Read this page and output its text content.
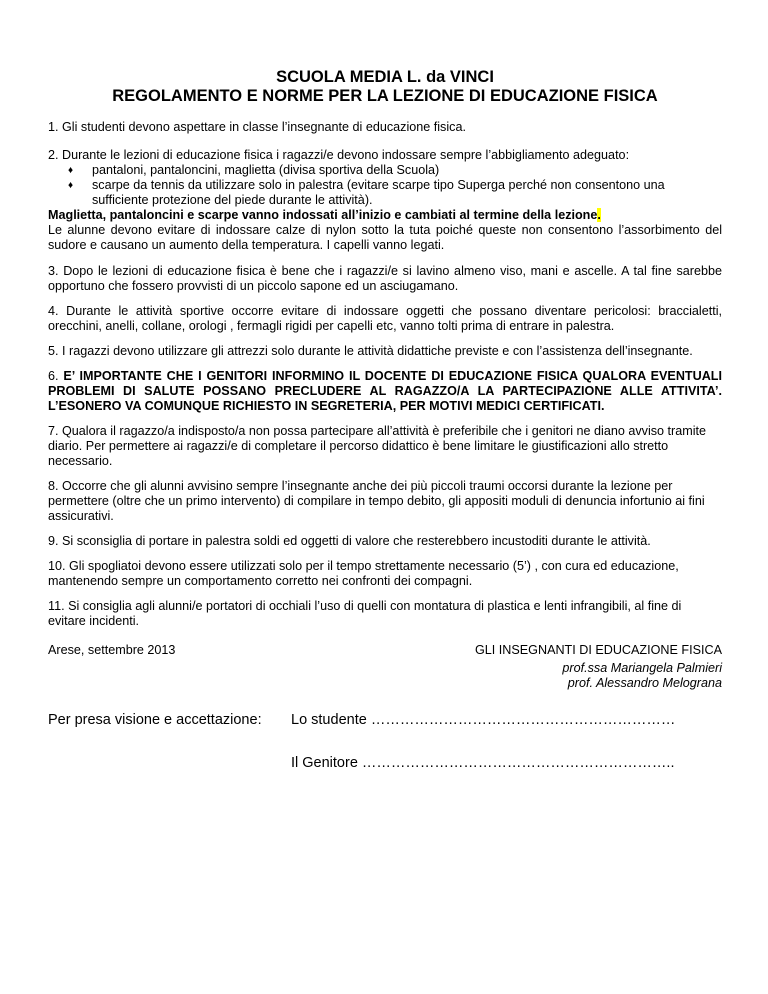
SCUOLA MEDIA L. da VINCI
REGOLAMENTO E NORME PER LA LEZIONE DI EDUCAZIONE FISICA

1. Gli studenti devono aspettare in classe l’insegnante di educazione fisica.

2. Durante le lezioni di educazione fisica i ragazzi/e devono indossare sempre l’abbigliamento adeguato:
♦ pantaloni, pantaloncini, maglietta (divisa sportiva della Scuola)
♦ scarpe da tennis da utilizzare solo in palestra (evitare scarpe tipo Superga perché non consentono una sufficiente protezione del piede durante le attività).
Maglietta, pantaloncini e scarpe vanno indossati all’inizio e cambiati al termine della lezione.
Le alunne devono evitare di indossare calze di nylon sotto la tuta poiché queste non consentono l’assorbimento del sudore e causano un aumento della temperatura. I capelli vanno legati.

3. Dopo le lezioni di educazione fisica è bene che i ragazzi/e si lavino almeno viso, mani e ascelle. A tal fine sarebbe opportuno che fossero provvisti di un piccolo sapone ed un asciugamano.

4. Durante le attività sportive occorre evitare di indossare oggetti che possano diventare pericolosi: braccialetti, orecchini, anelli, collane, orologi , fermagli rigidi per capelli etc, vanno tolti prima di entrare in palestra.

5. I ragazzi devono utilizzare gli attrezzi solo durante le attività didattiche previste e con l’assistenza dell’insegnante.

6. E’ IMPORTANTE CHE I GENITORI INFORMINO IL DOCENTE DI EDUCAZIONE FISICA QUALORA EVENTUALI PROBLEMI DI SALUTE POSSANO PRECLUDERE AL RAGAZZO/A LA PARTECIPAZIONE ALLE ATTIVITA’. L’ESONERO VA COMUNQUE RICHIESTO IN SEGRETERIA, PER MOTIVI MEDICI CERTIFICATI.

7. Qualora il ragazzo/a indisposto/a non possa partecipare all’attività è preferibile che i genitori ne diano avviso tramite diario. Per permettere ai ragazzi/e di completare il percorso didattico è bene limitare le giustificazioni allo stretto necessario.

8. Occorre che gli alunni avvisino sempre l’insegnante anche dei più piccoli traumi occorsi durante la lezione per permettere (oltre che un primo intervento) di compilare in tempo debito, gli appositi moduli di denuncia infortunio ai fini assicurativi.

9. Si sconsiglia di portare in palestra soldi ed oggetti di valore che resterebbero incustoditi durante le attività.

10. Gli spogliatoi devono essere utilizzati solo per il tempo strettamente necessario (5’) , con cura ed educazione, mantenendo sempre un comportamento corretto nei confronti dei compagni.

11. Si consiglia agli alunni/e portatori di occhiali l’uso di quelli con montatura di plastica e lenti infrangibili, al fine di evitare incidenti.

Arese, settembre 2013	GLI INSEGNANTI DI EDUCAZIONE FISICA
prof.ssa Mariangela Palmieri
prof. Alessandro Melograna
Per presa visione e accettazione: Lo studente ………………………………………………………
Il Genitore ………………………………………………………..
